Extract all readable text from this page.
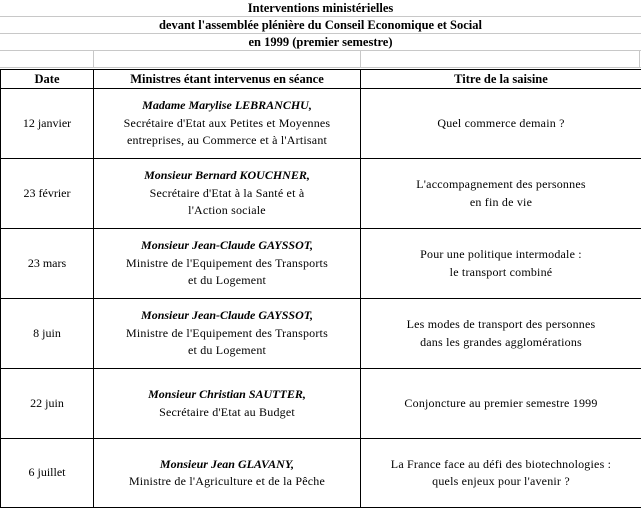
Interventions ministérielles
devant l'assemblée plénière du Conseil Economique et Social
en 1999 (premier semestre)
Date	Ministres étant intervenus en séance	Titre de la saisine
12 janvier	Madame Marylise LEBRANCHU,
Secrétaire d'Etat aux Petites et Moyennes
entreprises, au Commerce et à l'Artisant	Quel commerce demain ?

23 février	Monsieur Bernard KOUCHNER,
Secrétaire d'Etat à la Santé et à
l'Action sociale	L'accompagnement des personnes
en fin de vie

23 mars	Monsieur Jean-Claude GAYSSOT,
Ministre de l'Equipement des Transports
et du Logement	Pour une politique intermodale :
le transport combiné

8 juin	Monsieur Jean-Claude GAYSSOT,
Ministre de l'Equipement des Transports
et du Logement	Les modes de transport des personnes
dans les grandes agglomérations

22 juin	Monsieur Christian SAUTTER,
Secrétaire d'Etat au Budget	Conjoncture au premier semestre 1999

6 juillet	Monsieur Jean GLAVANY,
Ministre de l'Agriculture et de la Pêche	La France face au défi des biotechnologies :
quels enjeux pour l'avenir ?
